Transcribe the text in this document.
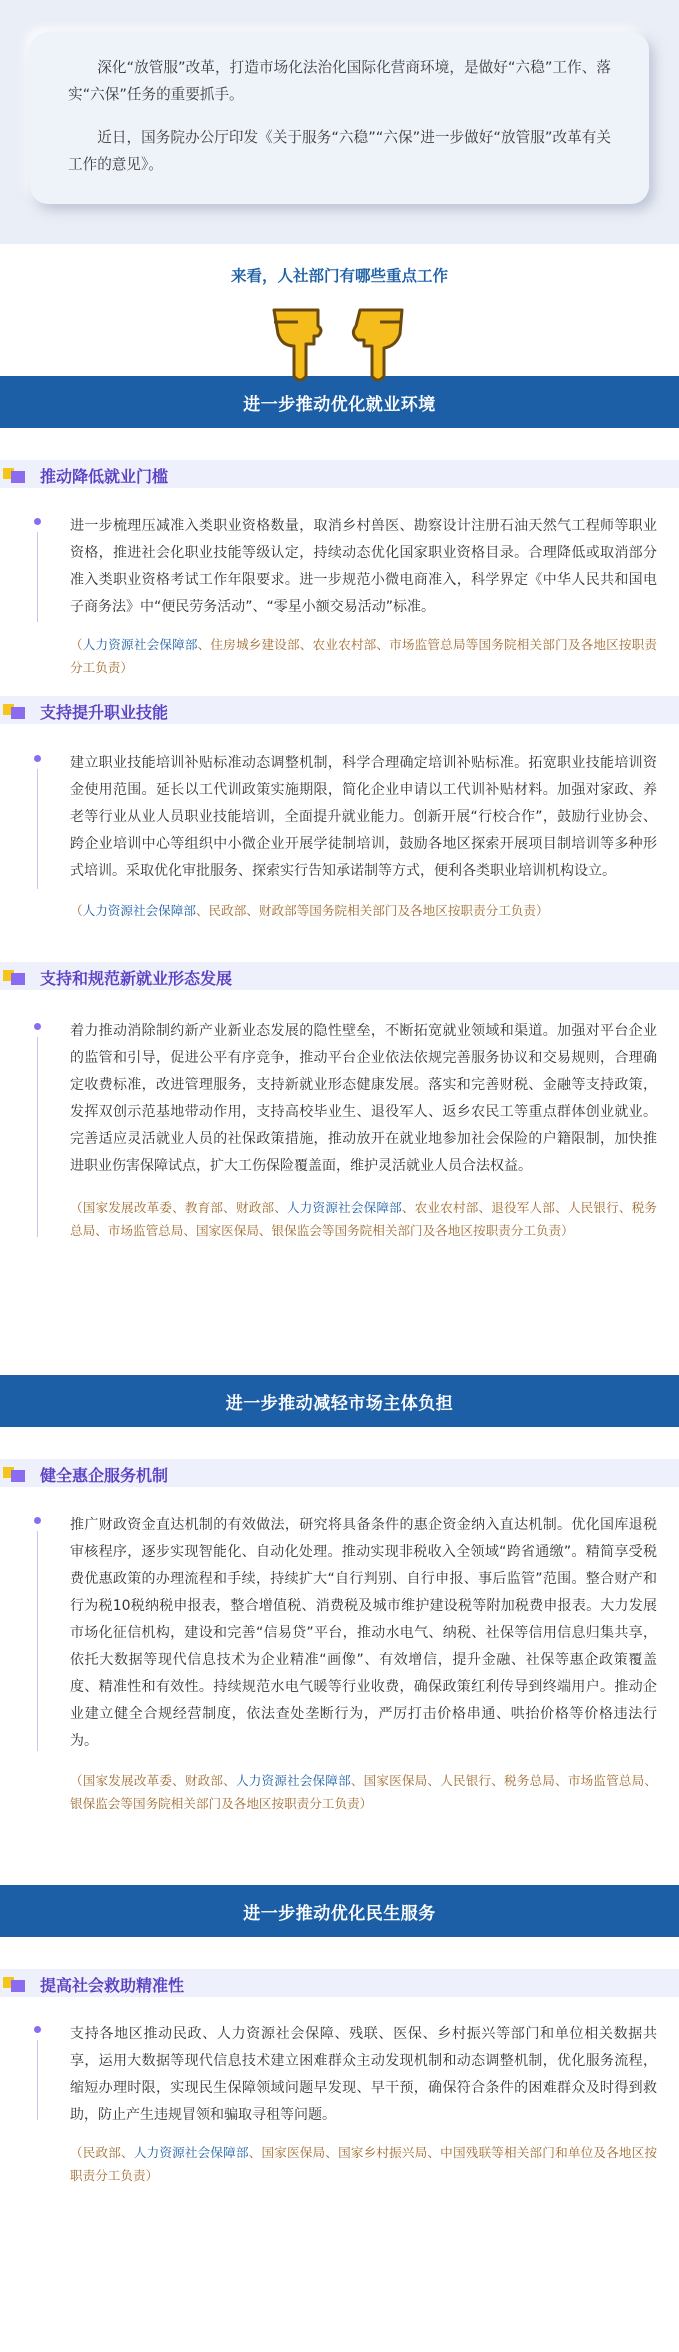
深化“放管服”改革，打造市场化法治化国际化营商环境，是做好“六稳”工作、落实“六保”任务的重要抓手。

近日，国务院办公厅印发《关于服务“六稳”“六保”进一步做好“放管服”改革有关工作的意见》。

来看，人社部门有哪些重点工作
进一步推动优化就业环境
推动降低就业门槛
进一步梳理压减准入类职业资格数量，取消乡村兽医、勘察设计注册石油天然气工程师等职业资格，推进社会化职业技能等级认定，持续动态优化国家职业资格目录。合理降低或取消部分准入类职业资格考试工作年限要求。进一步规范小微电商准入，科学界定《中华人民共和国电子商务法》中“便民劳务活动”、“零星小额交易活动”标准。
（人力资源社会保障部、住房城乡建设部、农业农村部、市场监管总局等国务院相关部门及各地区按职责分工负责）
支持提升职业技能
建立职业技能培训补贴标准动态调整机制，科学合理确定培训补贴标准。拓宽职业技能培训资金使用范围。延长以工代训政策实施期限，简化企业申请以工代训补贴材料。加强对家政、养老等行业从业人员职业技能培训，全面提升就业能力。创新开展“行校合作”，鼓励行业协会、跨企业培训中心等组织中小微企业开展学徒制培训，鼓励各地区探索开展项目制培训等多种形式培训。采取优化审批服务、探索实行告知承诺制等方式，便利各类职业培训机构设立。
（人力资源社会保障部、民政部、财政部等国务院相关部门及各地区按职责分工负责）
支持和规范新就业形态发展
着力推动消除制约新产业新业态发展的隐性壁垒，不断拓宽就业领域和渠道。加强对平台企业的监管和引导，促进公平有序竞争，推动平台企业依法依规完善服务协议和交易规则，合理确定收费标准，改进管理服务，支持新就业形态健康发展。落实和完善财税、金融等支持政策，发挥双创示范基地带动作用，支持高校毕业生、退役军人、返乡农民工等重点群体创业就业。完善适应灵活就业人员的社保政策措施，推动放开在就业地参加社会保险的户籍限制，加快推进职业伤害保障试点，扩大工伤保险覆盖面，维护灵活就业人员合法权益。
（国家发展改革委、教育部、财政部、人力资源社会保障部、农业农村部、退役军人部、人民银行、税务总局、市场监管总局、国家医保局、银保监会等国务院相关部门及各地区按职责分工负责）
进一步推动减轻市场主体负担
健全惠企服务机制
推广财政资金直达机制的有效做法，研究将具备条件的惠企资金纳入直达机制。优化国库退税审核程序，逐步实现智能化、自动化处理。推动实现非税收入全领域“跨省通缴”。精简享受税费优惠政策的办理流程和手续，持续扩大“自行判别、自行申报、事后监管”范围。整合财产和行为税10税纳税申报表，整合增值税、消费税及城市维护建设税等附加税费申报表。大力发展市场化征信机构，建设和完善“信易贷”平台，推动水电气、纳税、社保等信用信息归集共享，依托大数据等现代信息技术为企业精准“画像”、有效增信，提升金融、社保等惠企政策覆盖度、精准性和有效性。持续规范水电气暖等行业收费，确保政策红利传导到终端用户。推动企业建立健全合规经营制度，依法查处垄断行为，严厉打击价格串通、哄抬价格等价格违法行为。
（国家发展改革委、财政部、人力资源社会保障部、国家医保局、人民银行、税务总局、市场监管总局、银保监会等国务院相关部门及各地区按职责分工负责）
进一步推动优化民生服务
提高社会救助精准性
支持各地区推动民政、人力资源社会保障、残联、医保、乡村振兴等部门和单位相关数据共享，运用大数据等现代信息技术建立困难群众主动发现机制和动态调整机制，优化服务流程，缩短办理时限，实现民生保障领域问题早发现、早干预，确保符合条件的困难群众及时得到救助，防止产生违规冒领和骗取寻租等问题。
（民政部、人力资源社会保障部、国家医保局、国家乡村振兴局、中国残联等相关部门和单位及各地区按职责分工负责）
